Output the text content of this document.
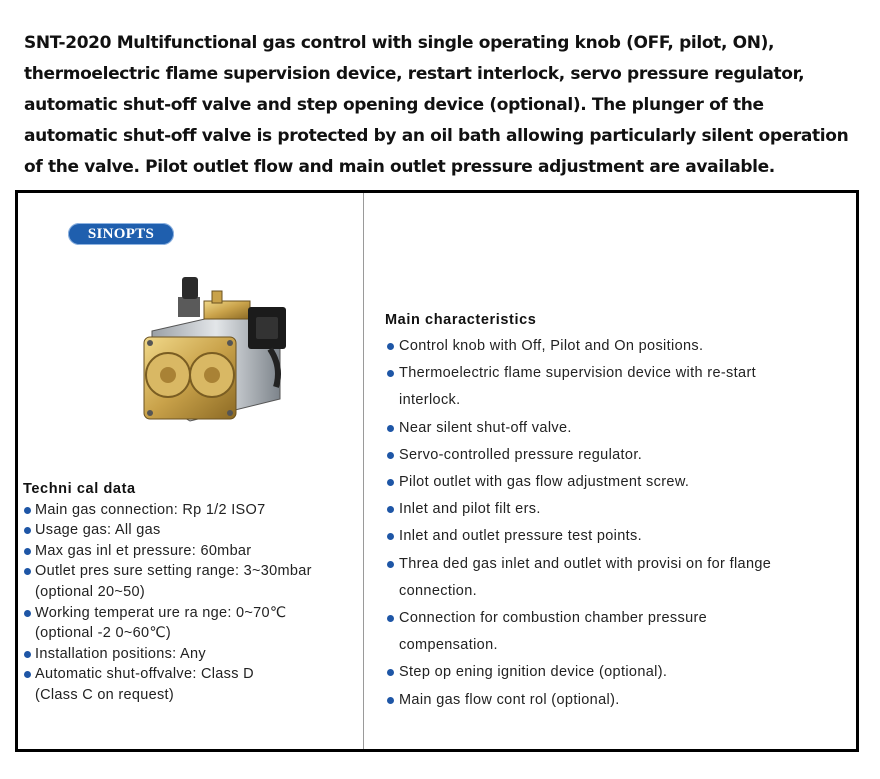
SNT-2020 Multifunctional gas control with single operating knob (OFF, pilot, ON),
thermoelectric flame supervision device, restart interlock, servo pressure regulator,
automatic shut-off valve and step opening device (optional). The plunger of the
automatic shut-off valve is protected by an oil bath allowing particularly silent operation
of the valve. Pilot outlet flow and main outlet pressure adjustment are available.
SINOPTS
Techni cal data
Main gas connection: Rp 1/2 ISO7
Usage gas: All gas
Max gas inl et pressure: 60mbar
Outlet pres sure setting range: 3~30mbar
(optional 20~50)
Working temperat ure ra nge: 0~70℃
(optional -2 0~60℃)
Installation positions: Any
Automatic shut-offvalve: Class D
(Class C on request)
Main characteristics
Control knob with Off, Pilot and On positions.
Thermoelectric flame supervision device with re-start
interlock.
Near silent shut-off valve.
Servo-controlled pressure regulator.
Pilot outlet with gas flow adjustment screw.
Inlet and pilot filt ers.
Inlet and outlet pressure test points.
Threa ded gas inlet and outlet with provisi on for flange
connection.
Connection for combustion chamber pressure
compensation.
Step op ening ignition device (optional).
Main gas flow cont rol (optional).
